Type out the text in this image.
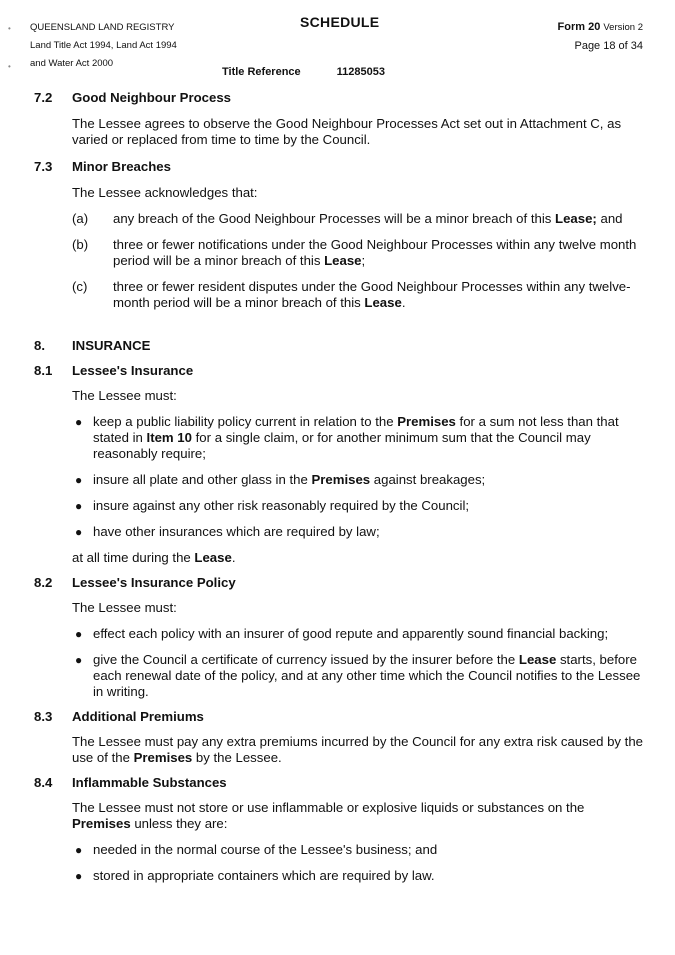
•
•
QUEENSLAND LAND REGISTRY
Land Title Act 1994, Land Act 1994
and Water Act 2000
SCHEDULE	Form 20 Version 2
Page 18 of 34
Title Reference	11285053
7.2 Good Neighbour Process
The Lessee agrees to observe the Good Neighbour Processes Act set out in Attachment C, as varied or replaced from time to time by the Council.
7.3 Minor Breaches
The Lessee acknowledges that:
(a) any breach of the Good Neighbour Processes will be a minor breach of this Lease; and
(b) three or fewer notifications under the Good Neighbour Processes within any twelve month period will be a minor breach of this Lease;
(c) three or fewer resident disputes under the Good Neighbour Processes within any twelve-month period will be a minor breach of this Lease.
8. INSURANCE
8.1 Lessee's Insurance
The Lessee must:
● keep a public liability policy current in relation to the Premises for a sum not less than that stated in Item 10 for a single claim, or for another minimum sum that the Council may reasonably require;
● insure all plate and other glass in the Premises against breakages;
● insure against any other risk reasonably required by the Council;
● have other insurances which are required by law;
at all time during the Lease.
8.2 Lessee's Insurance Policy
The Lessee must:
● effect each policy with an insurer of good repute and apparently sound financial backing;
● give the Council a certificate of currency issued by the insurer before the Lease starts, before each renewal date of the policy, and at any other time which the Council notifies to the Lessee in writing.
8.3 Additional Premiums
The Lessee must pay any extra premiums incurred by the Council for any extra risk caused by the use of the Premises by the Lessee.
8.4 Inflammable Substances
The Lessee must not store or use inflammable or explosive liquids or substances on the Premises unless they are:
● needed in the normal course of the Lessee's business; and
● stored in appropriate containers which are required by law.
